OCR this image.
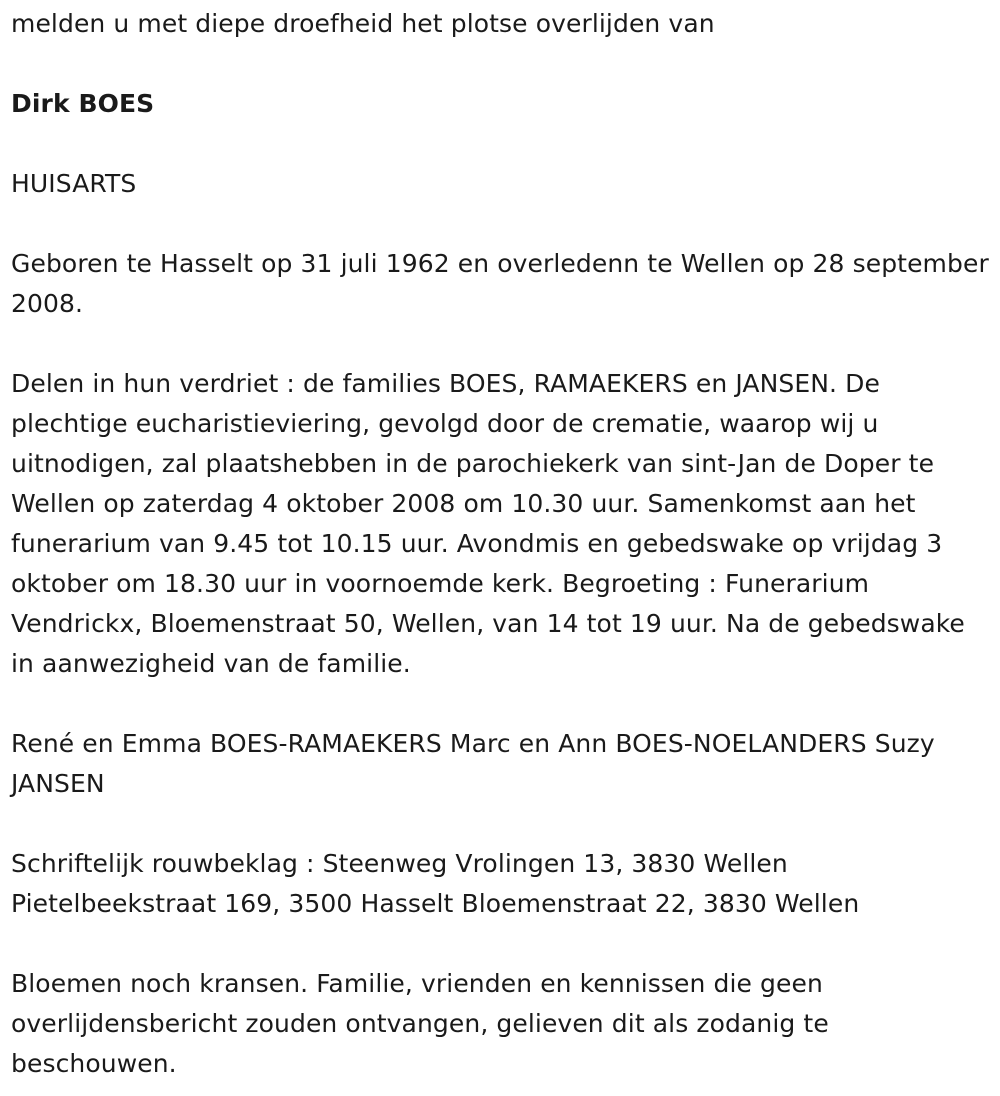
melden u met diepe droefheid het plotse overlijden van

Dirk BOES

HUISARTS

Geboren te Hasselt op 31 juli 1962 en overledenn te Wellen op 28 september 2008.

Delen in hun verdriet : de families BOES, RAMAEKERS en JANSEN. De plechtige eucharistieviering, gevolgd door de crematie, waarop wij u uitnodigen, zal plaatshebben in de parochiekerk van sint-Jan de Doper te Wellen op zaterdag 4 oktober 2008 om 10.30 uur. Samenkomst aan het funerarium van 9.45 tot 10.15 uur. Avondmis en gebedswake op vrijdag 3 oktober om 18.30 uur in voornoemde kerk. Begroeting : Funerarium Vendrickx, Bloemenstraat 50, Wellen, van 14 tot 19 uur. Na de gebedswake in aanwezigheid van de familie.

René en Emma BOES-RAMAEKERS Marc en Ann BOES-NOELANDERS Suzy JANSEN

Schriftelijk rouwbeklag : Steenweg Vrolingen 13, 3830 Wellen Pietelbeekstraat 169, 3500 Hasselt Bloemenstraat 22, 3830 Wellen

Bloemen noch kransen. Familie, vrienden en kennissen die geen overlijdensbericht zouden ontvangen, gelieven dit als zodanig te beschouwen.
